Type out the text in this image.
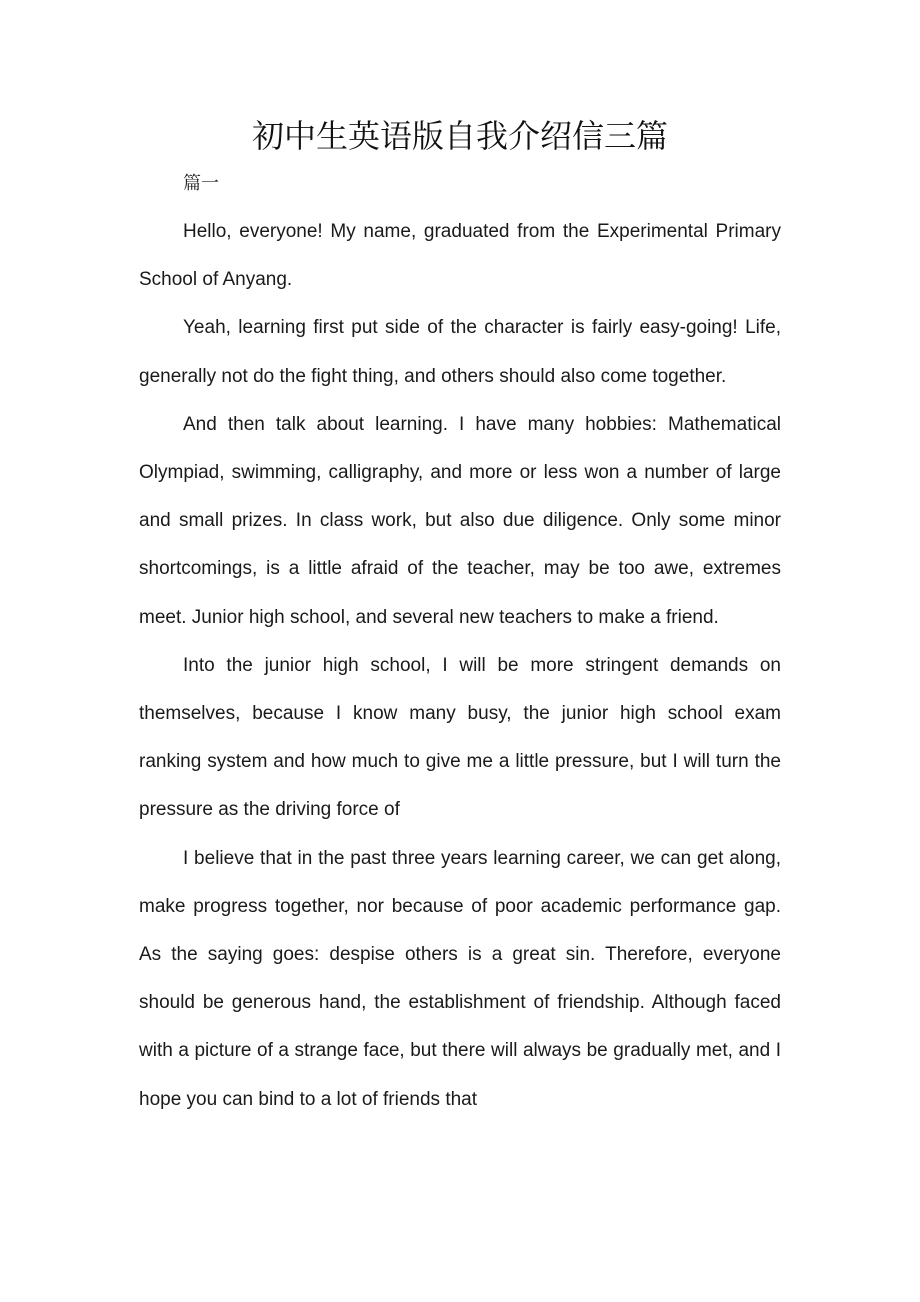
初中生英语版自我介绍信三篇
篇一

Hello, everyone! My name, graduated from the Experimental Primary School of Anyang.

Yeah, learning first put side of the character is fairly easy-going! Life, generally not do the fight thing, and others should also come together.

And then talk about learning. I have many hobbies: Mathematical Olympiad, swimming, calligraphy, and more or less won a number of large and small prizes. In class work, but also due diligence. Only some minor shortcomings, is a little afraid of the teacher, may be too awe, extremes meet. Junior high school, and several new teachers to make a friend.

Into the junior high school, I will be more stringent demands on themselves, because I know many busy, the junior high school exam ranking system and how much to give me a little pressure, but I will turn the pressure as the driving force of

I believe that in the past three years learning career, we can get along, make progress together, nor because of poor academic performance gap. As the saying goes: despise others is a great sin. Therefore, everyone should be generous hand, the establishment of friendship. Although faced with a picture of a strange face, but there will always be gradually met, and I hope you can bind to a lot of friends that
